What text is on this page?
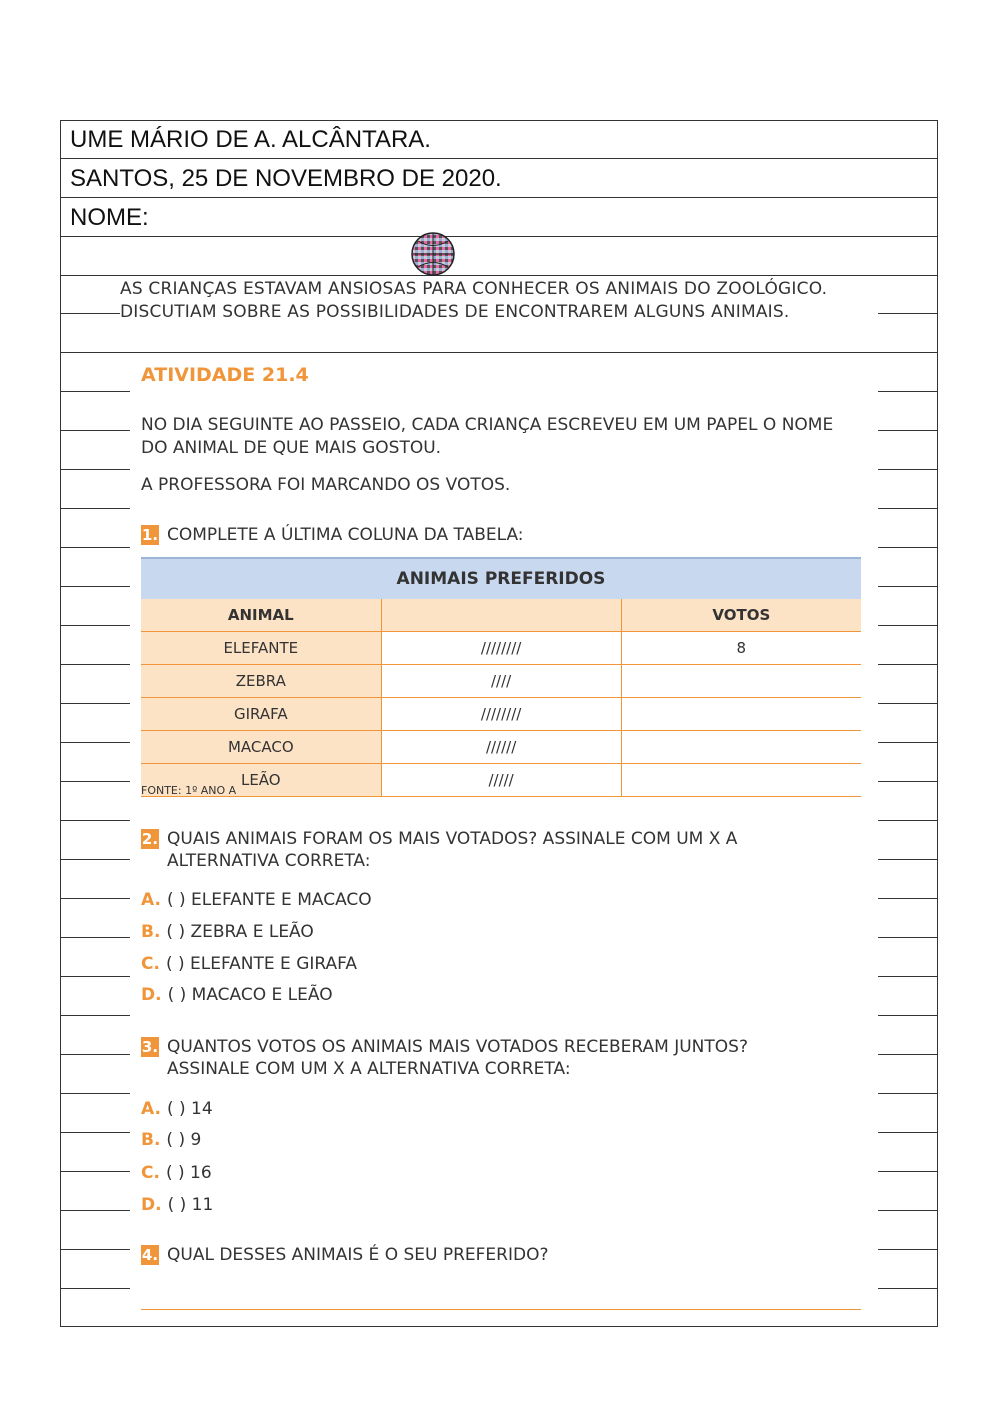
UME MÁRIO DE A. ALCÂNTARA.
SANTOS, 25 DE NOVEMBRO DE 2020.
NOME:
AS CRIANÇAS ESTAVAM ANSIOSAS PARA CONHECER OS ANIMAIS DO ZOOLÓGICO. DISCUTIAM SOBRE AS POSSIBILIDADES DE ENCONTRAREM ALGUNS ANIMAIS.
ATIVIDADE 21.4
NO DIA SEGUINTE AO PASSEIO, CADA CRIANÇA ESCREVEU EM UM PAPEL O NOME DO ANIMAL DE QUE MAIS GOSTOU.
A PROFESSORA FOI MARCANDO OS VOTOS.
1. COMPLETE A ÚLTIMA COLUNA DA TABELA:
ANIMAIS PREFERIDOS		
ANIMAL		VOTOS
ELEFANTE	////////	8
ZEBRA	////	
GIRAFA	////////	
MACACO	//////	
LEÃO	/////	
FONTE: 1º ANO A
2. QUAIS ANIMAIS FORAM OS MAIS VOTADOS? ASSINALE COM UM X A ALTERNATIVA CORRETA:
A. ( ) ELEFANTE E MACACO
B. ( ) ZEBRA E LEÃO
C. ( ) ELEFANTE E GIRAFA
D. ( ) MACACO E LEÃO
3. QUANTOS VOTOS OS ANIMAIS MAIS VOTADOS RECEBERAM JUNTOS? ASSINALE COM UM X A ALTERNATIVA CORRETA:
A. ( ) 14
B. ( ) 9
C. ( ) 16
D. ( ) 11
4. QUAL DESSES ANIMAIS É O SEU PREFERIDO?
